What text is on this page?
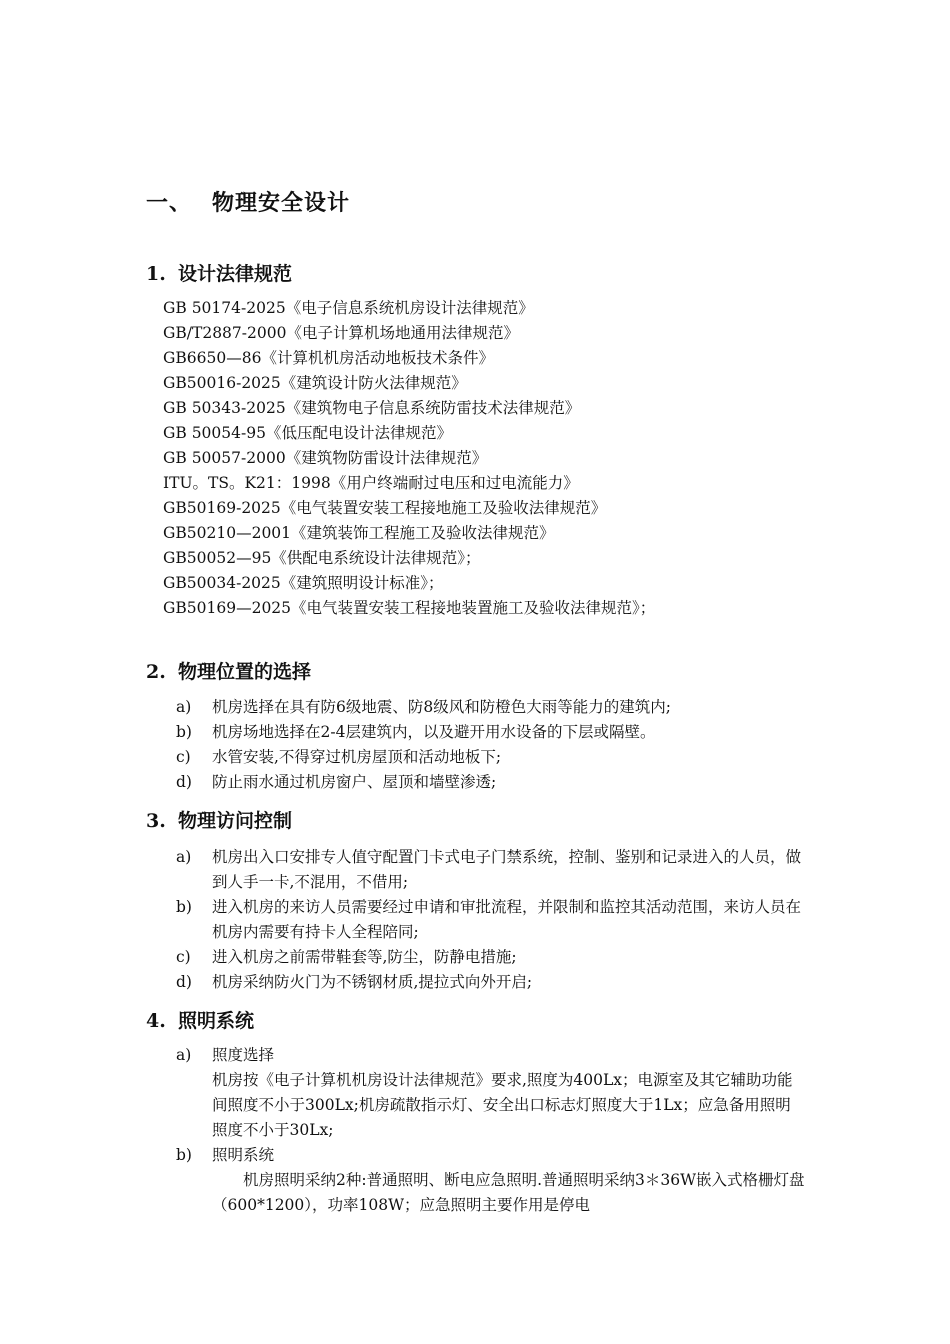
一、 物理安全设计
1. 设计法律规范
GB 50174-2025《电子信息系统机房设计法律规范》
GB/T2887-2000《电子计算机场地通用法律规范》
GB6650—86《计算机机房活动地板技术条件》
GB50016-2025《建筑设计防火法律规范》
GB 50343-2025《建筑物电子信息系统防雷技术法律规范》
GB 50054-95《低压配电设计法律规范》
GB 50057-2000《建筑物防雷设计法律规范》
ITU。TS。K21：1998《用户终端耐过电压和过电流能力》
GB50169-2025《电气装置安装工程接地施工及验收法律规范》
GB50210—2001《建筑装饰工程施工及验收法律规范》
GB50052—95《供配电系统设计法律规范》；
GB50034-2025《建筑照明设计标准》；
GB50169—2025《电气装置安装工程接地装置施工及验收法律规范》；
2. 物理位置的选择
a)	机房选择在具有防6级地震、防8级风和防橙色大雨等能力的建筑内;
b)	机房场地选择在2-4层建筑内，以及避开用水设备的下层或隔壁。
c)	水管安装,不得穿过机房屋顶和活动地板下;
d)	防止雨水通过机房窗户、屋顶和墙壁渗透;
3. 物理访问控制
a)	机房出入口安排专人值守配置门卡式电子门禁系统，控制、鉴别和记录进入的人员，做到人手一卡,不混用，不借用;
b)	进入机房的来访人员需要经过申请和审批流程，并限制和监控其活动范围，来访人员在机房内需要有持卡人全程陪同;
c)	进入机房之前需带鞋套等,防尘，防静电措施;
d)	机房采纳防火门为不锈钢材质,提拉式向外开启;
4. 照明系统
a)	照度选择
机房按《电子计算机机房设计法律规范》要求,照度为400Lx；电源室及其它辅助功能间照度不小于300Lx;机房疏散指示灯、安全出口标志灯照度大于1Lx；应急备用照明照度不小于30Lx;
b)	照明系统
机房照明采纳2种:普通照明、断电应急照明.普通照明采纳3＊36W嵌入式格栅灯盘（600*1200），功率108W；应急照明主要作用是停电
